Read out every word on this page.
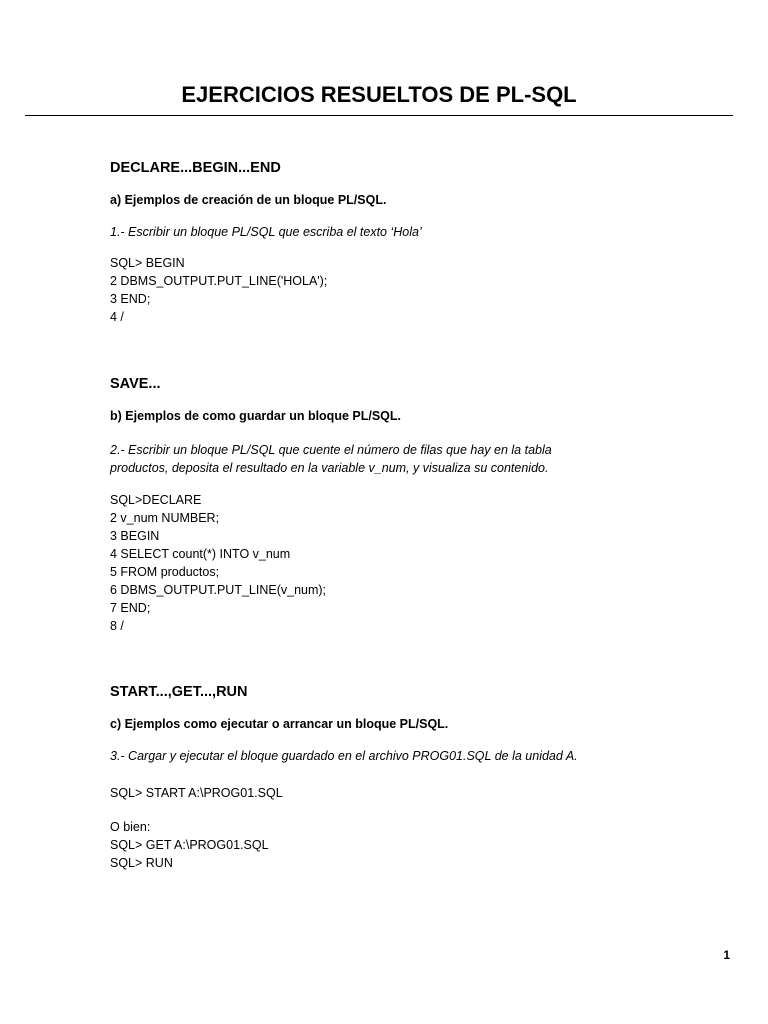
EJERCICIOS RESUELTOS DE PL-SQL

DECLARE...BEGIN...END

a) Ejemplos de creación de un bloque PL/SQL.

1.- Escribir un bloque PL/SQL que escriba el texto ‘Hola’

SQL> BEGIN
2 DBMS_OUTPUT.PUT_LINE('HOLA');
3 END;
4 /

SAVE...

b) Ejemplos de como guardar un bloque PL/SQL.

2.- Escribir un bloque PL/SQL que cuente el número de filas que hay en la tabla
productos, deposita el resultado en la variable v_num, y visualiza su contenido.
SQL>DECLARE
2 v_num NUMBER;
3 BEGIN
4 SELECT count(*) INTO v_num
5 FROM productos;
6 DBMS_OUTPUT.PUT_LINE(v_num);
7 END;
8 /

START...,GET...,RUN

c) Ejemplos como ejecutar o arrancar un bloque PL/SQL.

3.- Cargar y ejecutar el bloque guardado en el archivo PROG01.SQL de la unidad A.

SQL> START A:\PROG01.SQL
O bien:
SQL> GET A:\PROG01.SQL
SQL> RUN
1
